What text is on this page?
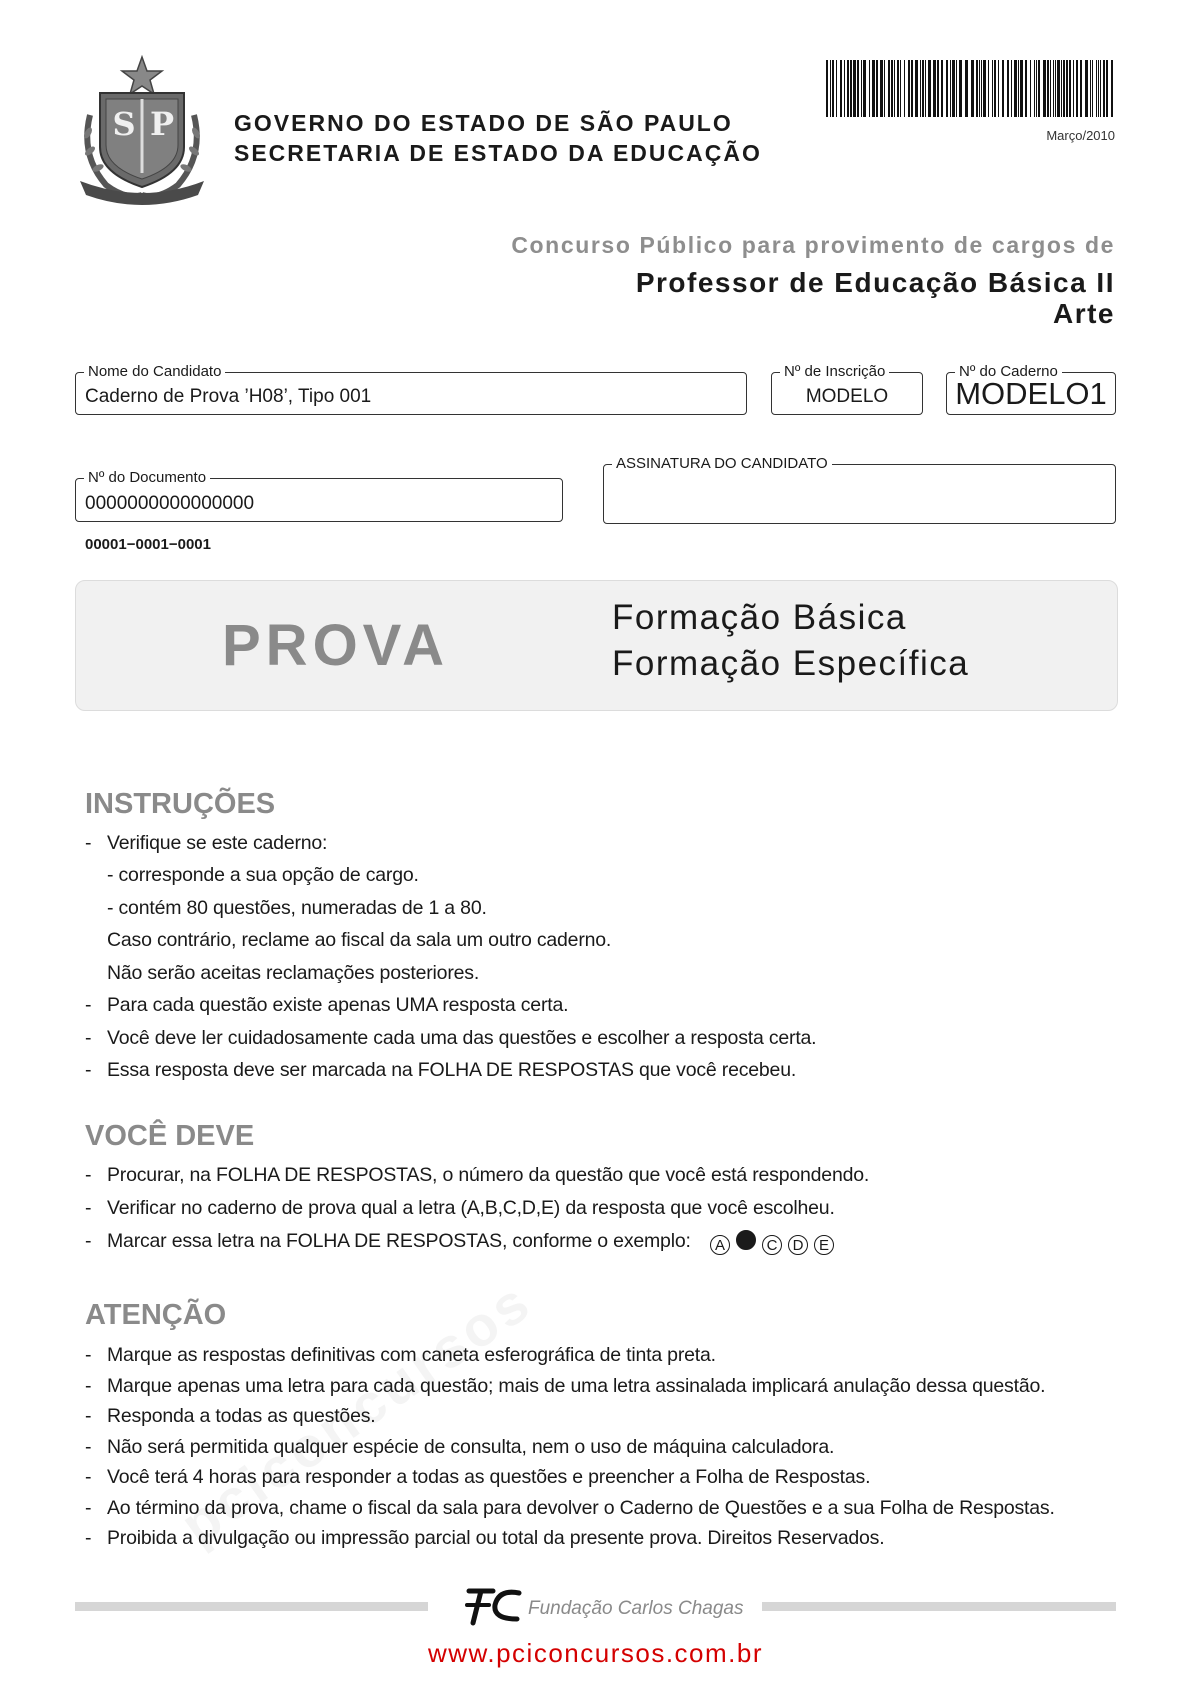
S P	GOVERNO DO ESTADO DE SÃO PAULO
SECRETARIA DE ESTADO DA EDUCAÇÃO
Março/2010
Concurso Público para provimento de cargos de
Professor de Educação Básica II
Arte
Nome do Candidato
Caderno de Prova ’H08’, Tipo 001
Nº de Inscrição
MODELO
Nº do Caderno
MODELO1
Nº do Documento
0000000000000000
ASSINATURA DO CANDIDATO
00001−0001−0001
PROVA	Formação Básica
Formação Específica
INSTRUÇÕES
- Verifique se este caderno:
- corresponde a sua opção de cargo.
- contém 80 questões, numeradas de 1 a 80.
Caso contrário, reclame ao fiscal da sala um outro caderno.
Não serão aceitas reclamações posteriores.
- Para cada questão existe apenas UMA resposta certa.
- Você deve ler cuidadosamente cada uma das questões e escolher a resposta certa.
- Essa resposta deve ser marcada na FOLHA DE RESPOSTAS que você recebeu.
VOCÊ DEVE
- Procurar, na FOLHA DE RESPOSTAS, o número da questão que você está respondendo.
- Verificar no caderno de prova qual a letra (A,B,C,D,E) da resposta que você escolheu.
- Marcar essa letra na FOLHA DE RESPOSTAS, conforme o exemplo: A	C D E
ATENÇÃO
- Marque as respostas definitivas com caneta esferográfica de tinta preta.
- Marque apenas uma letra para cada questão; mais de uma letra assinalada implicará anulação dessa questão.
- Responda a todas as questões.
- Não será permitida qualquer espécie de consulta, nem o uso de máquina calculadora.
- Você terá 4 horas para responder a todas as questões e preencher a Folha de Respostas.
- Ao término da prova, chame o fiscal da sala para devolver o Caderno de Questões e a sua Folha de Respostas.
- Proibida a divulgação ou impressão parcial ou total da presente prova. Direitos Reservados.
Fundação Carlos Chagas
www.pciconcursos.com.br
